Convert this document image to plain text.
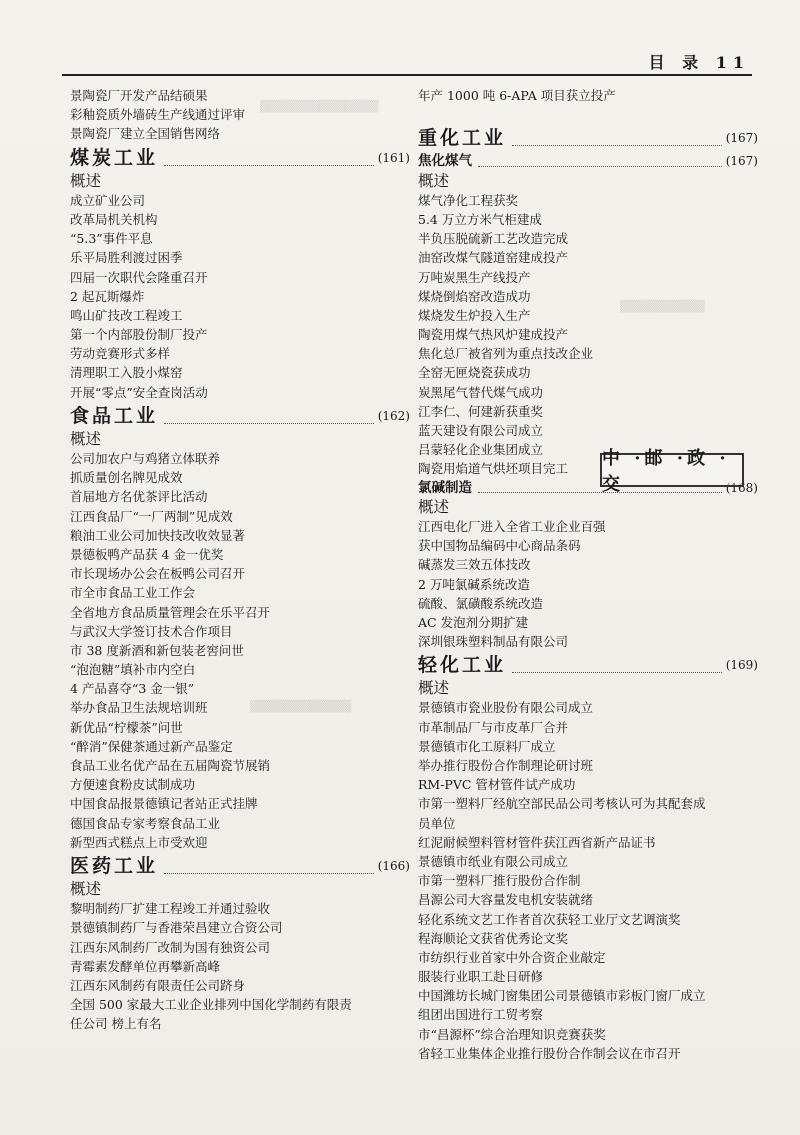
目 录 11
景陶瓷厂开发产品结硕果
彩釉瓷质外墙砖生产线通过评审
景陶瓷厂建立全国销售网络
煤炭工业	(161)
概述
成立矿业公司
改革局机关机构
“5.3”事件平息
乐平局胜利渡过困季
四届一次职代会隆重召开
2 起瓦斯爆炸
鸣山矿技改工程竣工
第一个内部股份制厂投产
劳动竞赛形式多样
清理职工入股小煤窑
开展“零点”安全查岗活动
食品工业	(162)
概述
公司加农户与鸡猪立体联养
抓质量创名牌见成效
首届地方名优茶评比活动
江西食品厂“一厂两制”见成效
粮油工业公司加快技改收效显著
景德板鸭产品获 4 金一优奖
市长现场办公会在板鸭公司召开
市全市食品工业工作会
全省地方食品质量管理会在乐平召开
与武汉大学签订技术合作项目
市 38 度新酒和新包装老窖问世
“泡泡糖”填补市内空白
4 产品喜夺“3 金一银”
举办食品卫生法规培训班
新优品“柠檬茶”问世
“醉消”保健茶通过新产品鉴定
食品工业名优产品在五届陶瓷节展销
方便速食粉皮试制成功
中国食品报景德镇记者站正式挂牌
德国食品专家考察食品工业
新型西式糕点上市受欢迎
医药工业	(166)
概述
黎明制药厂扩建工程竣工并通过验收
景德镇制药厂与香港荣昌建立合资公司
江西东风制药厂改制为国有独资公司
青霉素发酵单位再攀新高峰
江西东风制药有限责任公司跻身
全国 500 家最大工业企业排列中国化学制药有限责
任公司 榜上有名
年产 1000 吨 6-APA 项目获立投产
重化工业	(167)
焦化煤气	(167)
概述
煤气净化工程获奖
5.4 万立方米气柜建成
半负压脱硫新工艺改造完成
油窑改煤气隧道窑建成投产
万吨炭黑生产线投产
煤烧倒焰窑改造成功
煤烧发生炉投入生产
陶瓷用煤气热风炉建成投产
焦化总厂被省列为重点技改企业
全窑无匣烧瓷获成功
炭黑尾气替代煤气成功
江李仁、何建新获重奖
蓝天建设有限公司成立
吕蒙轻化企业集团成立
陶瓷用焰道气烘坯项目完工
氯碱制造	(168)
概述
江西电化厂进入全省工业企业百强
获中国物品编码中心商品条码
碱蒸发三效五体技改
2 万吨氯碱系统改造
硫酸、氯磺酸系统改造
AC 发泡剂分期扩建
深圳银珠塑料制品有限公司
轻化工业	(169)
概述
景德镇市瓷业股份有限公司成立
市革制品厂与市皮革厂合并
景德镇市化工原料厂成立
举办推行股份合作制理论研讨班
RM-PVC 管材管件试产成功
市第一塑料厂经航空部民品公司考核认可为其配套成
员单位
红泥耐候塑料管材管件获江西省新产品证书
景德镇市纸业有限公司成立
市第一塑料厂推行股份合作制
昌源公司大容量发电机安装就绪
轻化系统文艺工作者首次获轻工业厅文艺调演奖
程海顺论文获省优秀论文奖
市纺织行业首家中外合资企业敲定
服装行业职工赴日研修
中国潍坊长城门窗集团公司景德镇市彩板门窗厂成立
组团出国进行工贸考察
市“昌源杯”综合治理知识竞赛获奖
省轻工业集体企业推行股份合作制会议在市召开
中 ·邮 ·政 ·交
▒▒▒▒▒▒▒▒▒▒▒▒▒▒
▒▒▒▒▒▒▒▒▒▒
▒▒▒▒▒▒▒▒▒▒▒▒
